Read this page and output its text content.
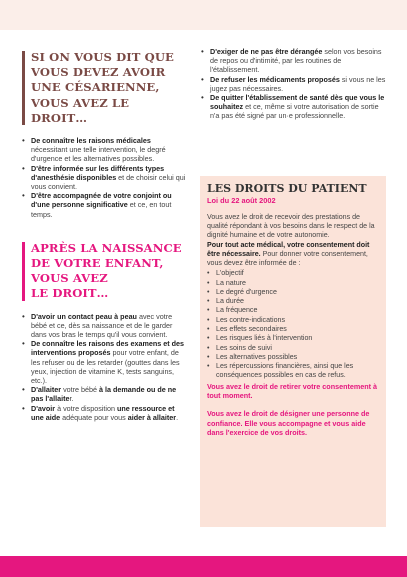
SI ON VOUS DIT QUE
VOUS DEVEZ AVOIR
UNE CÉSARIENNE,
VOUS AVEZ LE DROIT…
• De connaître les raisons médicales nécessitant une telle intervention, le degré d'urgence et les alternatives possibles.
• D'être informée sur les différents types d'anesthésie disponibles et de choisir celui qui vous convient.
• D'être accompagnée de votre conjoint ou d'une personne significative et ce, en tout temps.
APRÈS LA NAISSANCE
DE VOTRE ENFANT,
VOUS AVEZ
LE DROIT…
• D'avoir un contact peau à peau avec votre bébé et ce, dès sa naissance et de le garder dans vos bras le temps qu'il vous convient.
• De connaître les raisons des examens et des interventions proposés pour votre enfant, de les refuser ou de les retarder (gouttes dans les yeux, injection de vitamine K, tests sanguins, etc.).
• D'allaiter votre bébé à la demande ou de ne pas l'allaiter.
• D'avoir à votre disposition une ressource et une aide adéquate pour vous aider à allaiter.
• D'exiger de ne pas être dérangée selon vos besoins de repos ou d'intimité, par les routines de l'établissement.
• De refuser les médicaments proposés si vous ne les jugez pas nécessaires.
• De quitter l'établissement de santé dès que vous le souhaitez et ce, même si votre autorisation de sortie n'a pas été signé par un·e professionnelle.
LES DROITS DU PATIENT
Loi du 22 août 2002

Vous avez le droit de recevoir des prestations de qualité répondant à vos besoins dans le respect de la dignité humaine et de votre autonomie.

Pour tout acte médical, votre consentement doit être nécessaire. Pour donner votre consentement, vous devez être informée de :

• L'objectif
• La nature
• Le degré d'urgence
• La durée
• La fréquence
• Les contre-indications
• Les effets secondaires
• Les risques liés à l'intervention
• Les soins de suivi
• Les alternatives possibles
• Les répercussions financières, ainsi que les conséquences possibles en cas de refus.

Vous avez le droit de retirer votre consentement à tout moment.

Vous avez le droit de désigner une personne de confiance. Elle vous accompagne et vous aide dans l'exercice de vos droits.
